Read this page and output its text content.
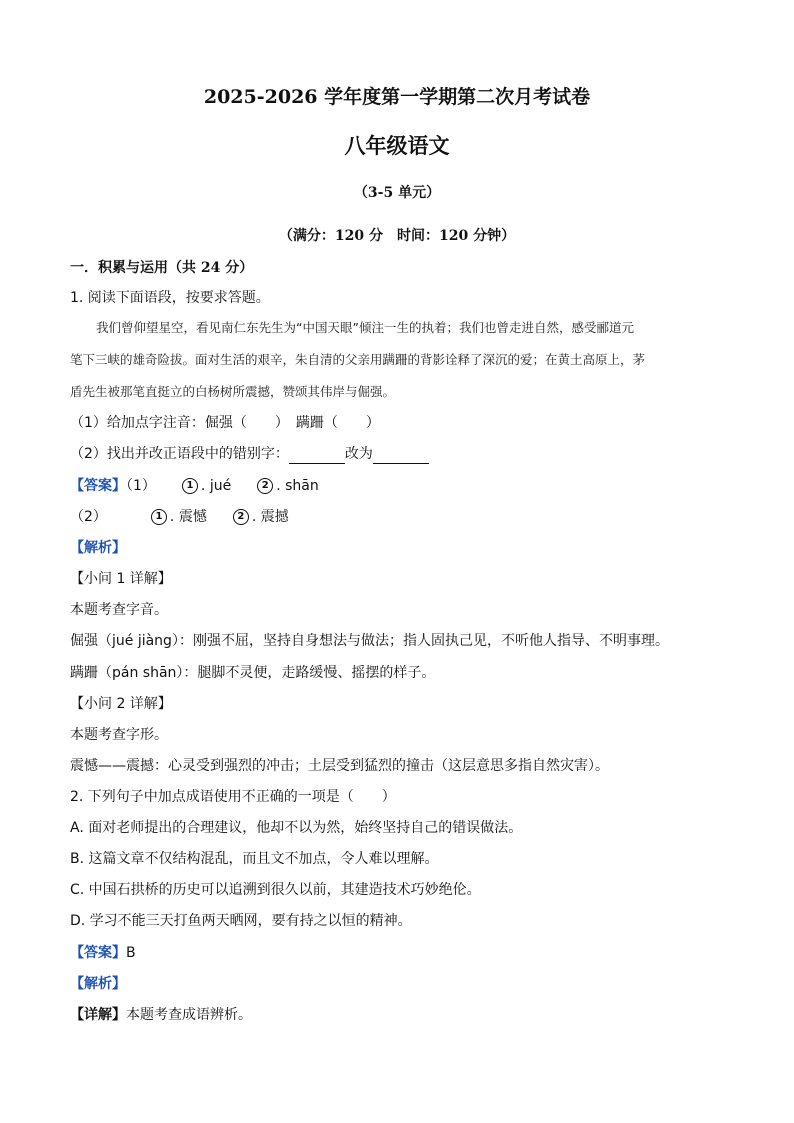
2025-2026 学年度第一学期第二次月考试卷
八年级语文
（3-5 单元）
（满分：120 分　时间：120 分钟）
一．积累与运用（共 24 分）
1. 阅读下面语段，按要求答题。
我们曾仰望星空，看见南仁东先生为“中国天眼”倾注一生的执着；我们也曾走进自然，感受郦道元
笔下三峡的雄奇险拔。面对生活的艰辛，朱自清的父亲用蹒跚的背影诠释了深沉的爱；在黄土高原上，茅
盾先生被那笔直挺立的白杨树所震撼，赞颂其伟岸与倔强。
（1）给加点字注音：倔强（　　）　蹒跚（　　）
（2）找出并改正语段中的错别字：	改为
【答案】（1）	1 . jué	2 . shān
（2）	1 . 震憾	2 . 震撼
【解析】
【小问 1 详解】
本题考查字音。
倔强（jué jiàng）：刚强不屈，坚持自身想法与做法；指人固执己见，不听他人指导、不明事理。
蹒跚（pán shān）：腿脚不灵便，走路缓慢、摇摆的样子。
【小问 2 详解】
本题考查字形。
震憾——震撼：心灵受到强烈的冲击；土层受到猛烈的撞击（这层意思多指自然灾害）。
2. 下列句子中加点成语使用不正确的一项是（　　）
A. 面对老师提出的合理建议，他却不以为然，始终坚持自己的错误做法。
B. 这篇文章不仅结构混乱，而且文不加点，令人难以理解。
C. 中国石拱桥的历史可以追溯到很久以前，其建造技术巧妙绝伦。
D. 学习不能三天打鱼两天晒网，要有持之以恒的精神。
【答案】B
【解析】
【详解】本题考查成语辨析。
